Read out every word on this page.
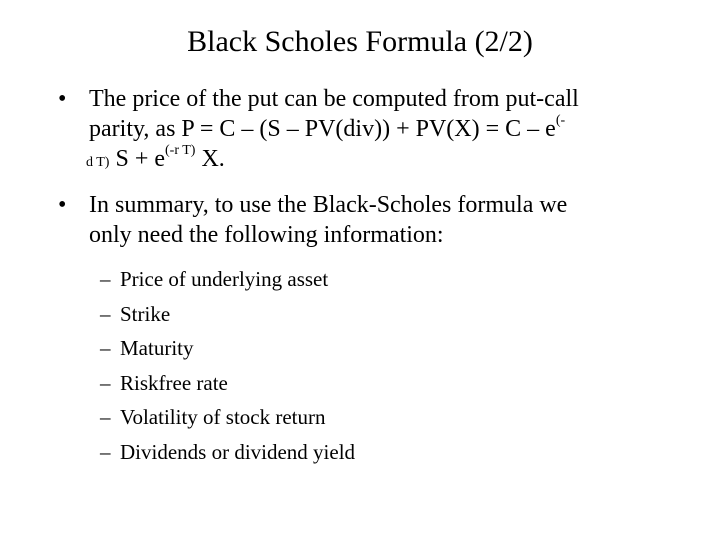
Black Scholes Formula (2/2)
• The price of the put can be computed from put-call
parity, as P = C – (S – PV(div)) + PV(X) = C – e(-
d T) $S + e^{(-r T)}$ X.
• In summary, to use the Black-Scholes formula we
only need the following information:
– Price of underlying asset
– Strike
– Maturity
– Riskfree rate
– Volatility of stock return
– Dividends or dividend yield
